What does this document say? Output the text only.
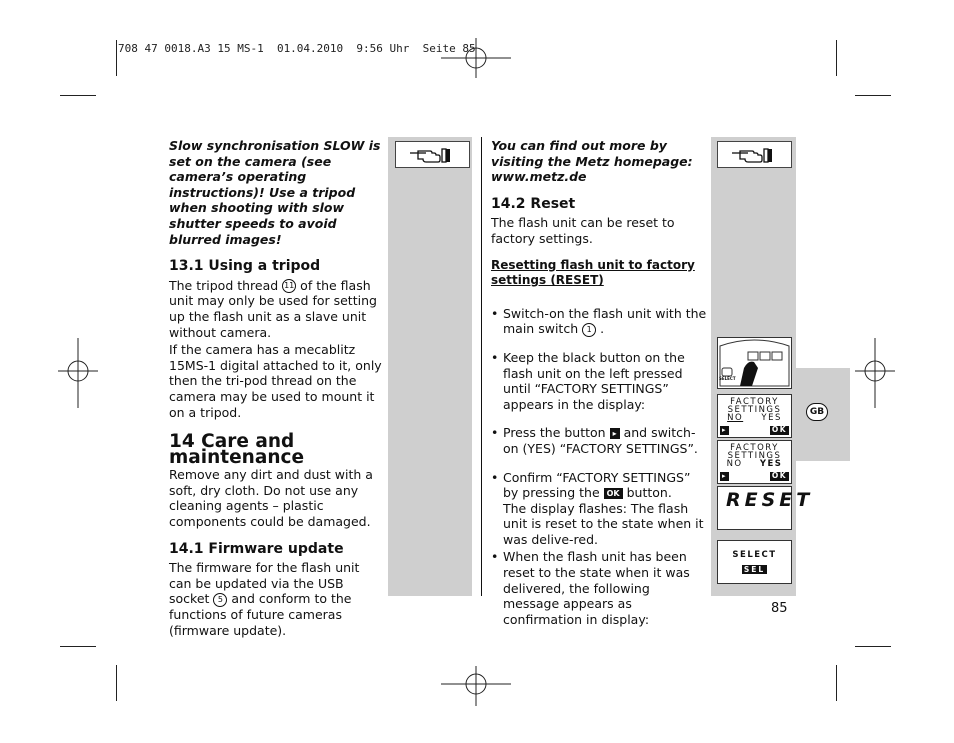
708 47 0018.A3 15 MS-1  01.04.2010  9:56 Uhr  Seite 85
GB

Slow synchronisation SLOW is set on the camera (see camera’s operating instructions)! Use a tripod when shooting with slow shutter speeds to avoid blurred images!

13.1 Using a tripod

The tripod thread 11 of the flash unit may only be used for setting up the flash unit as a slave unit without camera.

If the camera has a mecablitz 15MS-1 digital attached to it, only then the tri-pod thread on the camera may be used to mount it on a tripod.

14 Care and maintenance

Remove any dirt and dust with a soft, dry cloth. Do not use any cleaning agents – plastic components could be damaged.

14.1 Firmware update

The firmware for the flash unit can be updated via the USB socket 5 and conform to the functions of future cameras (firmware update).

You can find out more by visiting the Metz homepage: www.metz.de

14.2 Reset

The flash unit can be reset to factory settings.

Resetting flash unit to factory settings (RESET)

• Switch-on the flash unit with the main switch 1 .

• Keep the black button on the flash unit on the left pressed until “FACTORY SETTINGS” appears in the display:

• Press the button ▸ and switch-on (YES) “FACTORY SETTINGS”.

• Confirm “FACTORY SETTINGS” by pressing the OK button.
The display flashes: The flash unit is reset to the state when it was delive-red.

• When the flash unit has been reset to the state when it was delivered, the following message appears as confirmation in display:

SELECT
FACTORY
SETTINGS
NO YES
▸	OK
FACTORY
SETTINGS
NO YES
▸	OK
RESET
SELECT
SEL
85
